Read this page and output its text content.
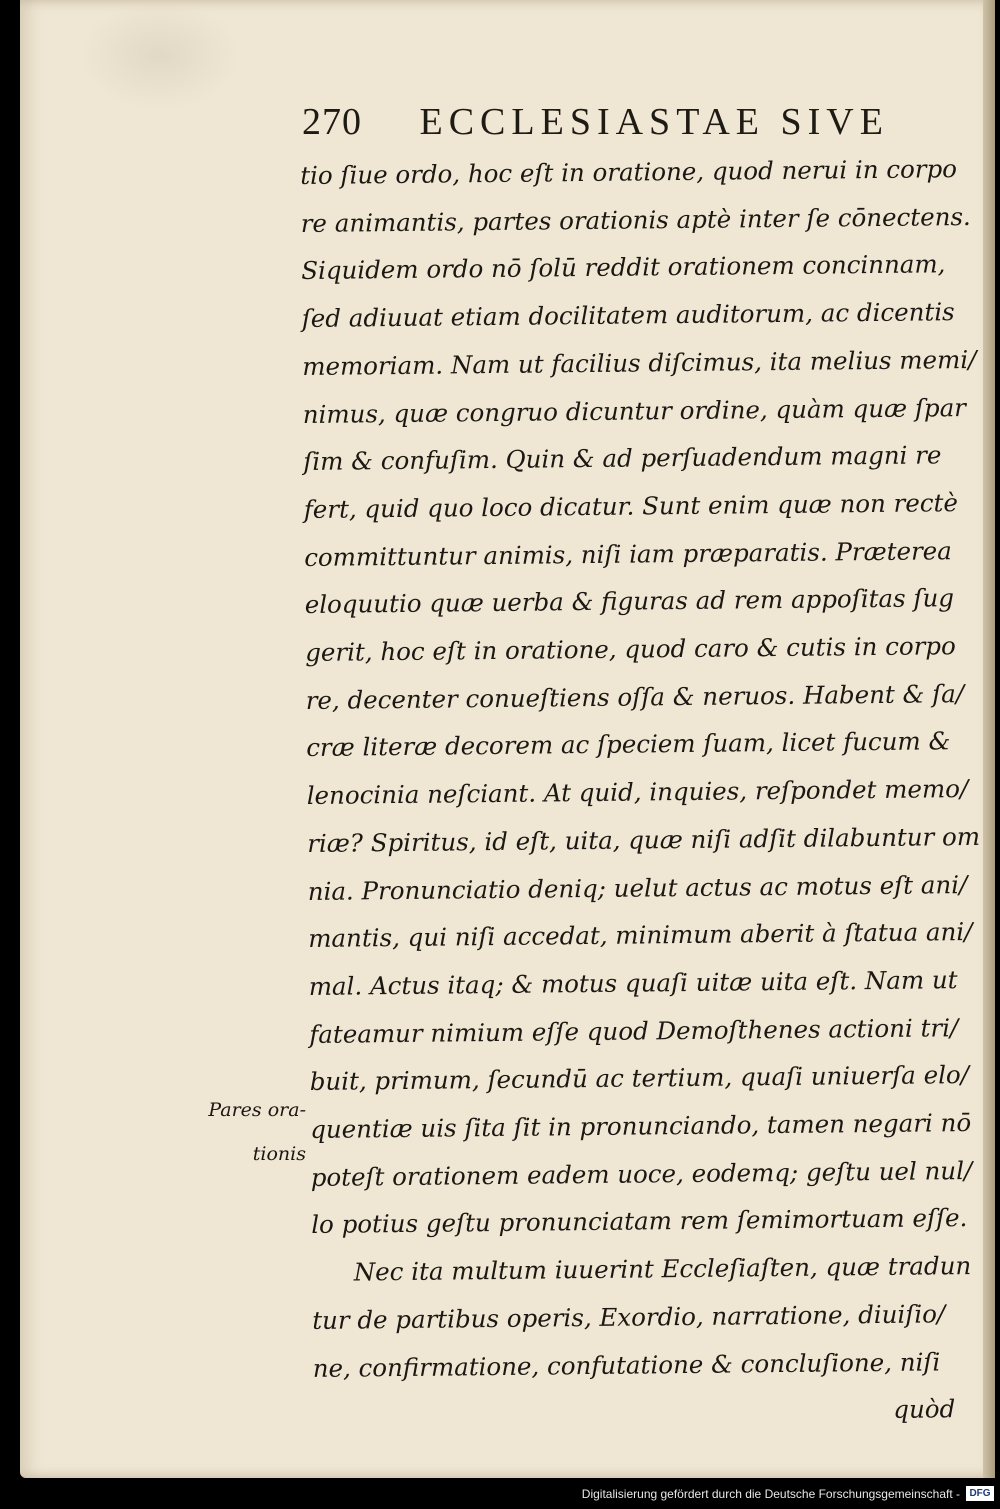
270 ECCLESIASTAE SIVE
tio ſiue ordo, hoc eſt in oratione, quod nerui in corpo
re animantis, partes orationis aptè inter ſe cōnectens.
Siquidem ordo nō ſolū reddit orationem concinnam,
ſed adiuuat etiam docilitatem auditorum, ac dicentis
memoriam. Nam ut facilius diſcimus, ita melius memi/
nimus, quæ congruo dicuntur ordine, quàm quæ ſpar
ſim & confuſim. Quin & ad perſuadendum magni re
fert, quid quo loco dicatur. Sunt enim quæ non rectè
committuntur animis, niſi iam præparatis. Præterea
eloquutio quæ uerba & figuras ad rem appoſitas ſug
gerit, hoc eſt in oratione, quod caro & cutis in corpo
re, decenter conueſtiens oſſa & neruos. Habent & ſa/
cræ literæ decorem ac ſpeciem ſuam, licet fucum &
lenocinia neſciant. At quid, inquies, reſpondet memo/
riæ? Spiritus, id eſt, uita, quæ niſi adſit dilabuntur om
nia. Pronunciatio deniq; uelut actus ac motus eſt ani/
mantis, qui niſi accedat, minimum aberit à ſtatua ani/
mal. Actus itaq; & motus quaſi uitæ uita eſt. Nam ut
fateamur nimium eſſe quod Demoſthenes actioni tri/
buit, primum, ſecundū ac tertium, quaſi uniuerſa elo/
quentiæ uis ſita ſit in pronunciando, tamen negari nō
poteſt orationem eadem uoce, eodemq; geſtu uel nul/
lo potius geſtu pronunciatam rem ſemimortuam eſſe.
Nec ita multum iuuerint Eccleſiaſten, quæ tradun
tur de partibus operis, Exordio, narratione, diuiſio/
ne, confirmatione, confutatione & concluſione, niſi
quòd
Pares ora-
tionis
Digitalisierung gefördert durch die Deutsche Forschungsgemeinschaft - DFG
